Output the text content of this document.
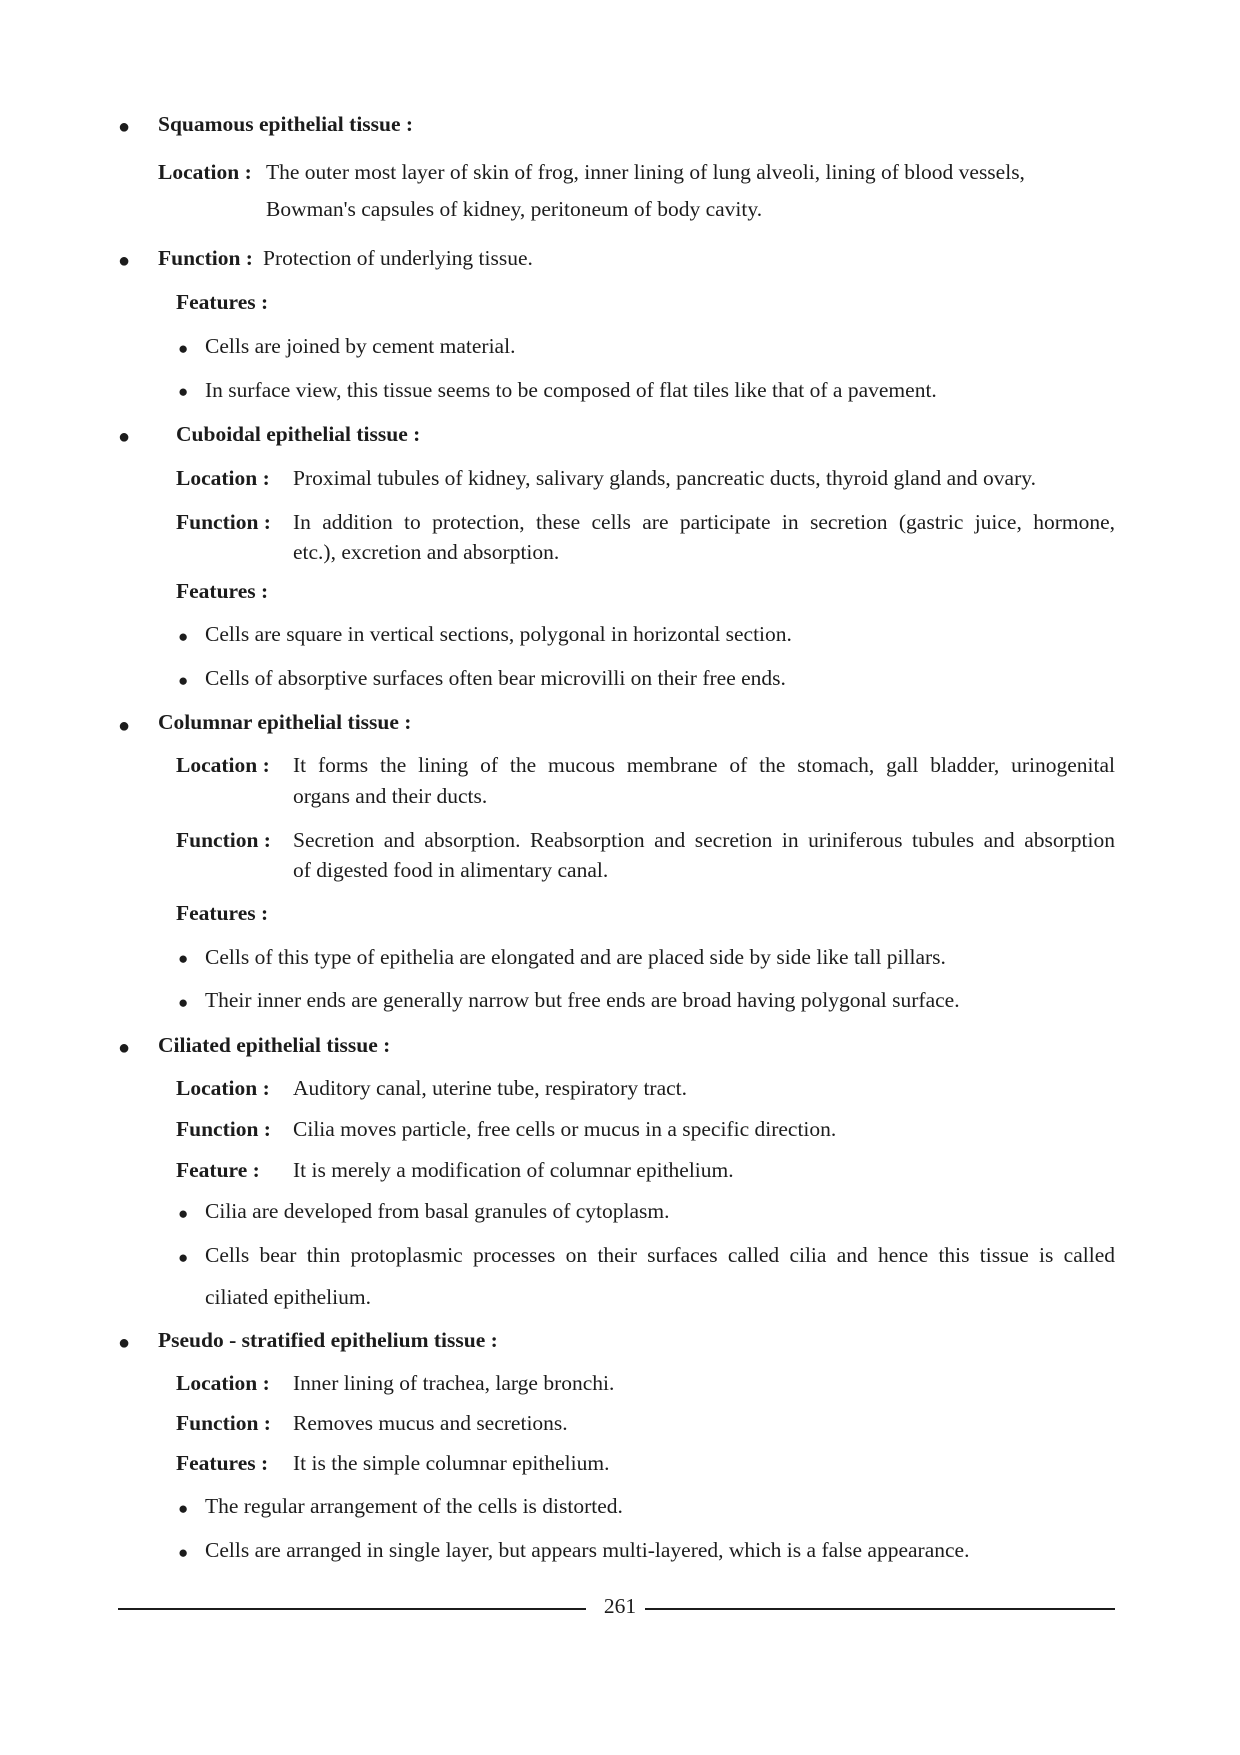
● Squamous epithelial tissue :
Location : The outer most layer of skin of frog, inner lining of lung alveoli, lining of blood vessels,
Bowman's capsules of kidney, peritoneum of body cavity.
● Function : Protection of underlying tissue.
Features :
● Cells are joined by cement material.
● In surface view, this tissue seems to be composed of flat tiles like that of a pavement.
● Cuboidal epithelial tissue :
Location : Proximal tubules of kidney, salivary glands, pancreatic ducts, thyroid gland and ovary.
Function : In addition to protection, these cells are participate in secretion (gastric juice, hormone,
etc.), excretion and absorption.
Features :
● Cells are square in vertical sections, polygonal in horizontal section.
● Cells of absorptive surfaces often bear microvilli on their free ends.
● Columnar epithelial tissue :
Location : It forms the lining of the mucous membrane of the stomach, gall bladder, urinogenital
organs and their ducts.
Function : Secretion and absorption. Reabsorption and secretion in uriniferous tubules and absorption
of digested food in alimentary canal.
Features :
● Cells of this type of epithelia are elongated and are placed side by side like tall pillars.
● Their inner ends are generally narrow but free ends are broad having polygonal surface.
● Ciliated epithelial tissue :
Location : Auditory canal, uterine tube, respiratory tract.
Function : Cilia moves particle, free cells or mucus in a specific direction.
Feature : It is merely a modification of columnar epithelium.
● Cilia are developed from basal granules of cytoplasm.
● Cells bear thin protoplasmic processes on their surfaces called cilia and hence this tissue is called
ciliated epithelium.
● Pseudo - stratified epithelium tissue :
Location : Inner lining of trachea, large bronchi.
Function : Removes mucus and secretions.
Features : It is the simple columnar epithelium.
● The regular arrangement of the cells is distorted.
● Cells are arranged in single layer, but appears multi-layered, which is a false appearance.
261
